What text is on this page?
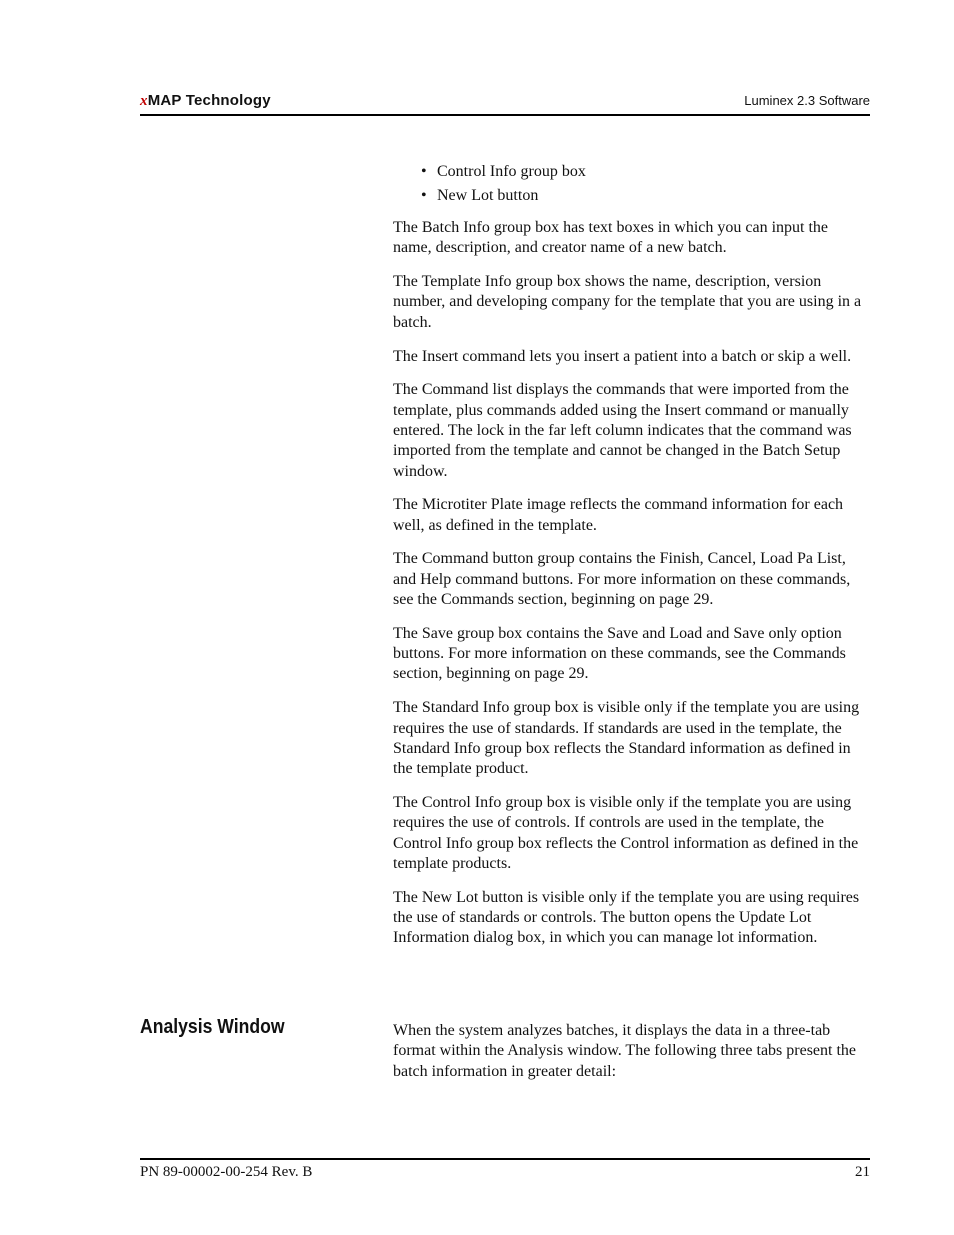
xMAP Technology	Luminex 2.3 Software
• Control Info group box
• New Lot button

The Batch Info group box has text boxes in which you can input the name, description, and creator name of a new batch.

The Template Info group box shows the name, description, version number, and developing company for the template that you are using in a batch.

The Insert command lets you insert a patient into a batch or skip a well.

The Command list displays the commands that were imported from the template, plus commands added using the Insert command or manually entered. The lock in the far left column indicates that the command was imported from the template and cannot be changed in the Batch Setup window.

The Microtiter Plate image reflects the command information for each well, as defined in the template.

The Command button group contains the Finish, Cancel, Load Pa List, and Help command buttons. For more information on these commands, see the Commands section, beginning on page 29.

The Save group box contains the Save and Load and Save only option buttons. For more information on these commands, see the Commands section, beginning on page 29.

The Standard Info group box is visible only if the template you are using requires the use of standards. If standards are used in the template, the Standard Info group box reflects the Standard information as defined in the template product.

The Control Info group box is visible only if the template you are using requires the use of controls. If controls are used in the template, the Control Info group box reflects the Control information as defined in the template products.

The New Lot button is visible only if the template you are using requires the use of standards or controls. The button opens the Update Lot Information dialog box, in which you can manage lot information.

Analysis Window	When the system analyzes batches, it displays the data in a three-tab format within the Analysis window. The following three tabs present the batch information in greater detail:

PN 89-00002-00-254 Rev. B	21
